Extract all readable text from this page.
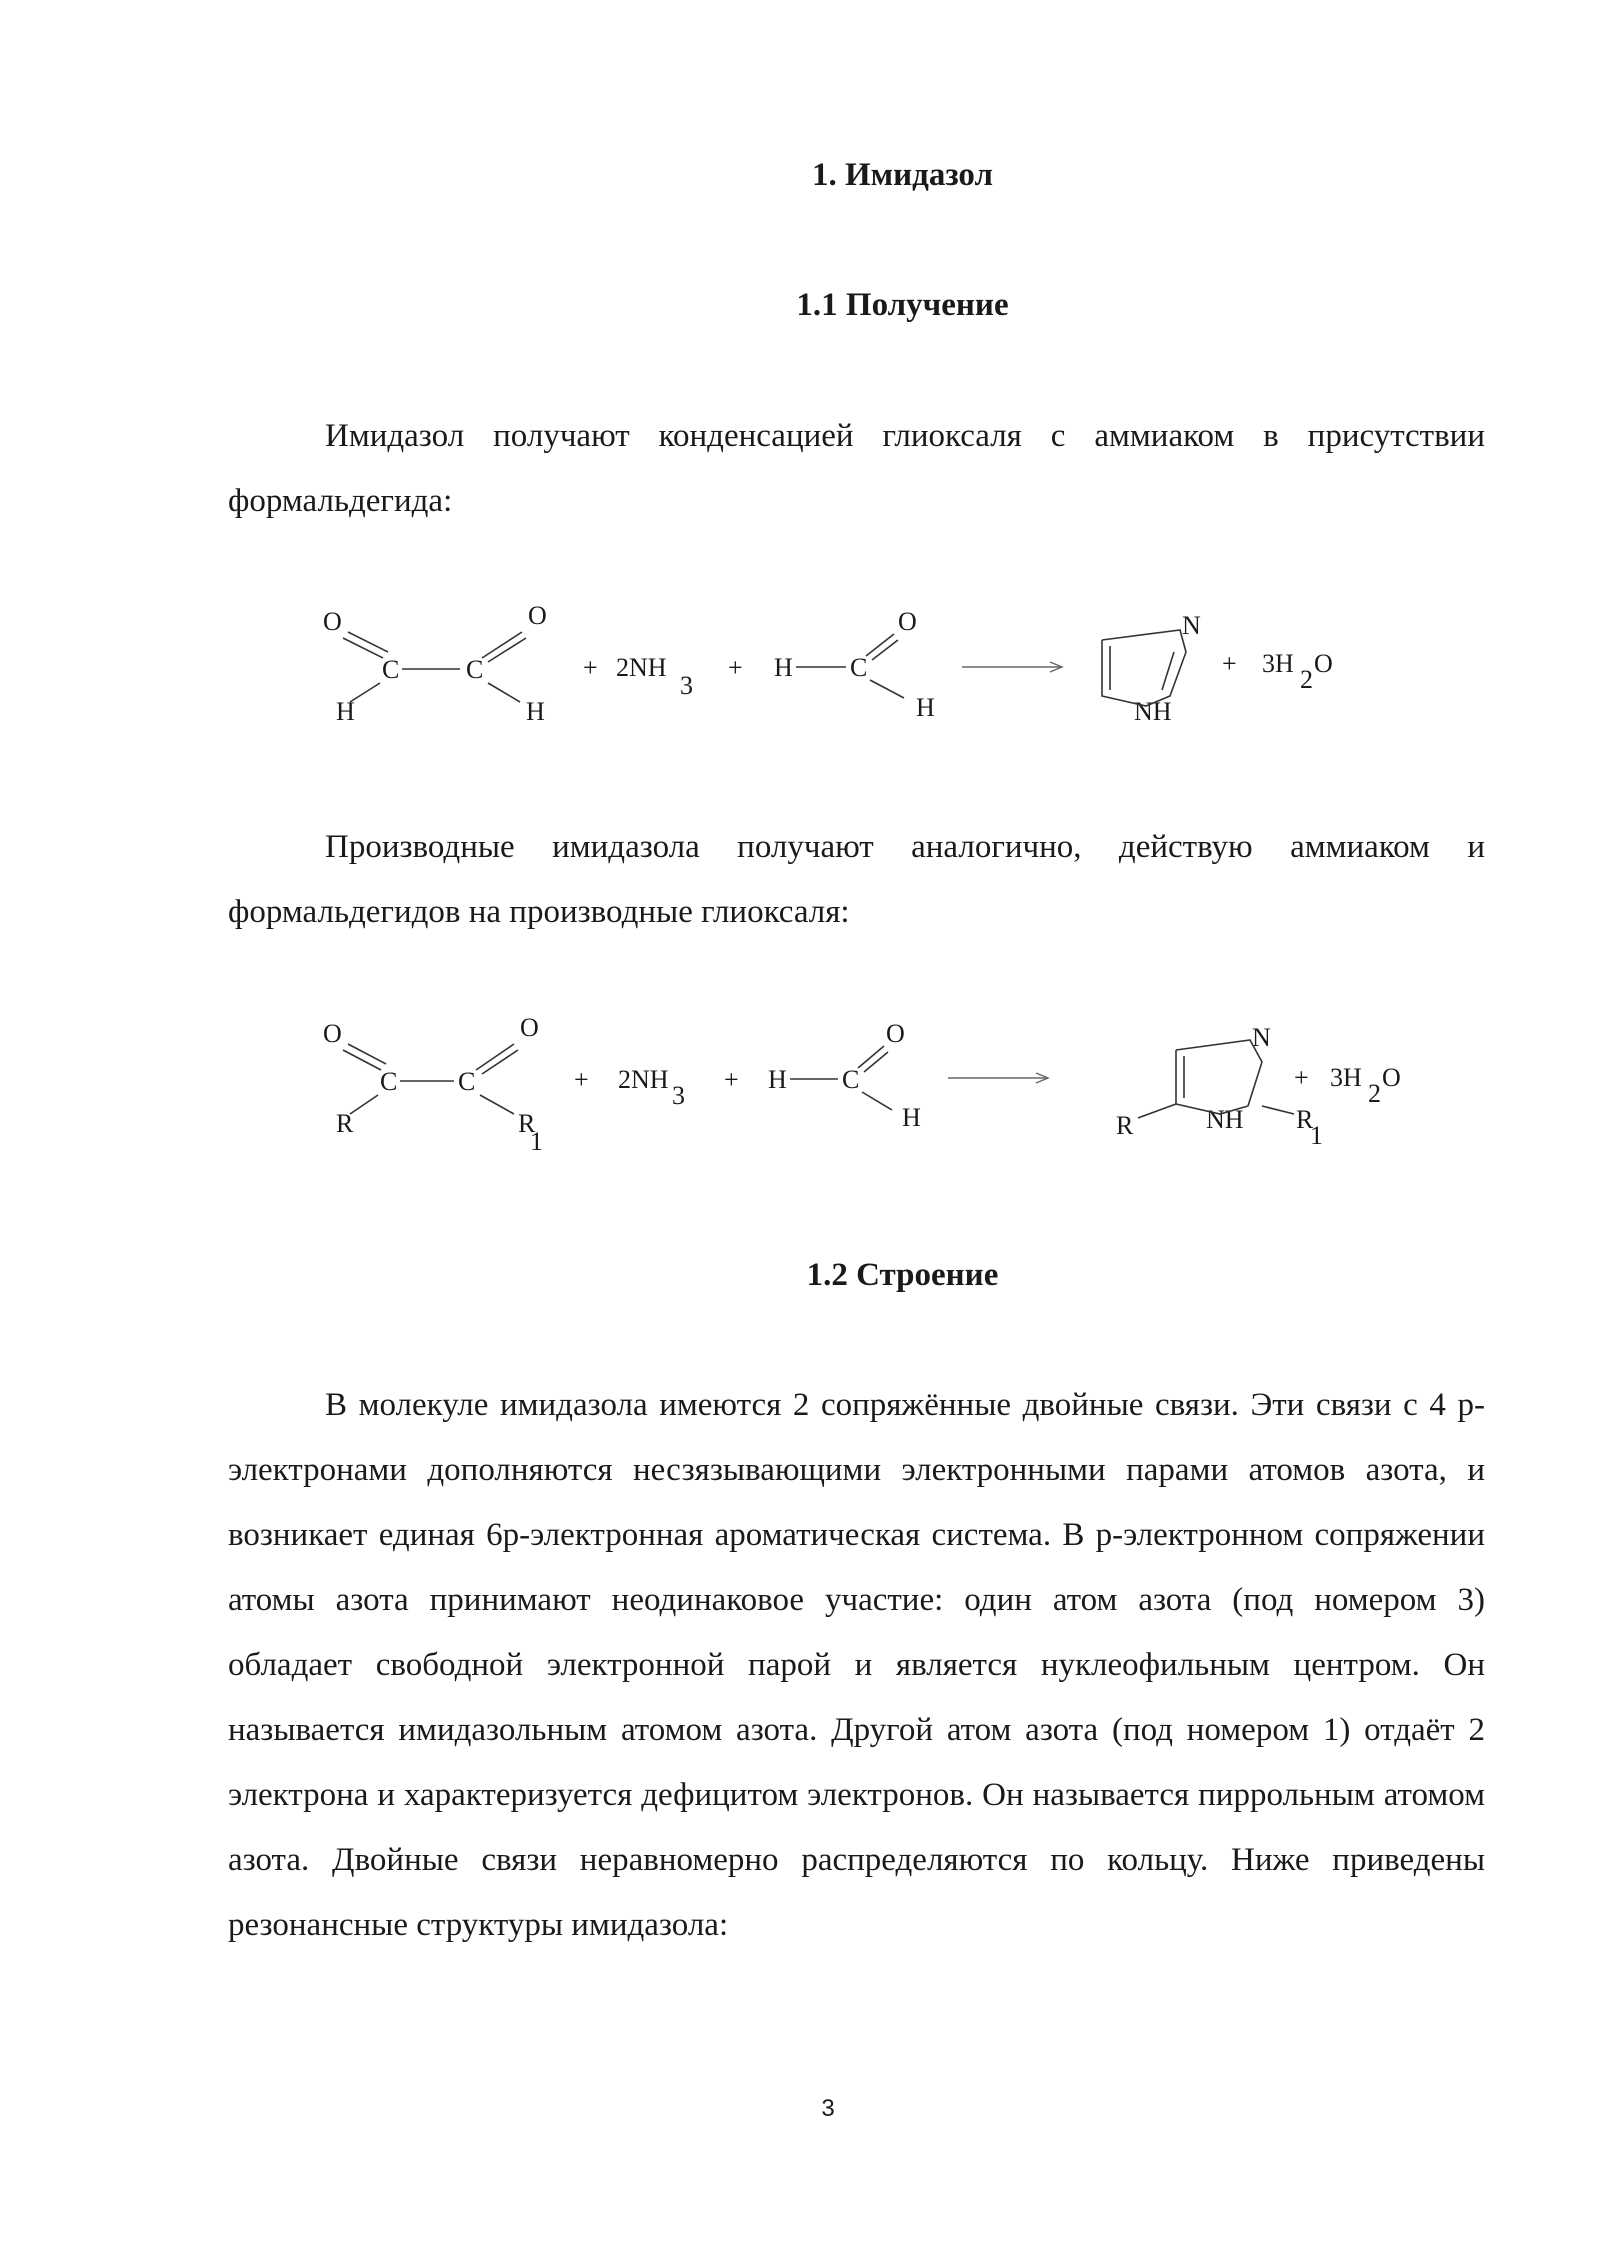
1. Имидазол
1.1 Получение

Имидазол получают конденсацией глиоксаля с аммиаком в присутствии формальдегида:

O	O
C	C
H	H
+ 2NH
3
+ H C
O
H
N
NH
+ 3H
2
O

Производные имидазола получают аналогично, действую аммиаком и формальдегидов на производные глиоксаля:

O	O
C C
R	R
1
+ 2NH
3
+ H C
O
H
N
NH
R	R
1
+ 3H
2
O
1.2 Строение

В молекуле имидазола имеются 2 сопряжённые двойные связи. Эти связи с 4 p-электронами дополняются несзязывающими электронными парами атомов азота, и возникает единая 6p-электронная ароматическая система. В p-электронном сопряжении атомы азота принимают неодинаковое участие: один атом азота (под номером 3) обладает свободной электронной парой и является нуклеофильным центром. Он называется имидазольным атомом азота. Другой атом азота (под номером 1) отдаёт 2 электрона и характеризуется дефицитом электронов. Он называется пиррольным атомом азота. Двойные связи неравномерно распределяются по кольцу. Ниже приведены резонансные структуры имидазола:

3
